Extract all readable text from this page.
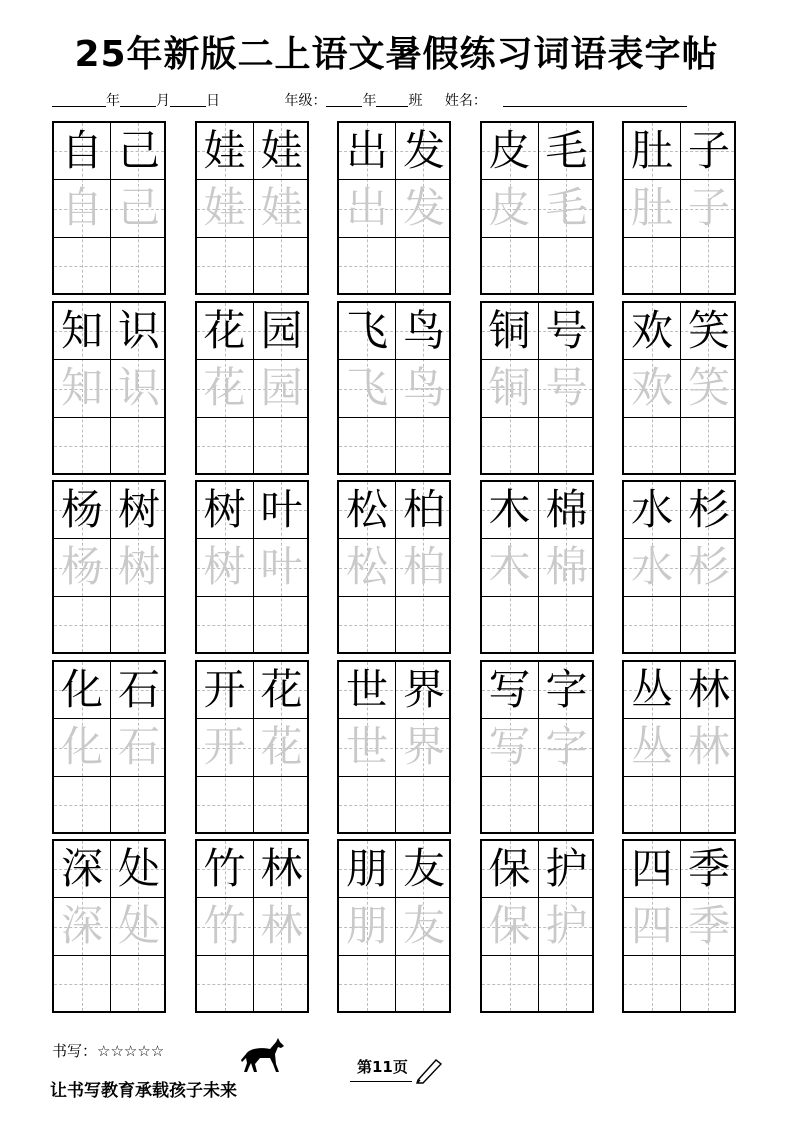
25年新版二上语文暑假练习词语表字帖
年	月	日	年级：	年 班 姓名：
自
自
己
己
娃
娃
娃
娃
出
出
发
发
皮
皮
毛
毛
肚
肚
子
子
知
知
识
识
花
花
园
园
飞
飞
鸟
鸟
铜
铜
号
号
欢
欢
笑
笑
杨
杨
树
树
树
树
叶
叶
松
松
柏
柏
木
木
棉
棉
水
水
杉
杉
化
化
石
石
开
开
花
花
世
世
界
界
写
写
字
字
丛
丛
林
林
深
深
处
处
竹
竹
林
林
朋
朋
友
友
保
保
护
护
四
四
季
季
书写：☆☆☆☆☆
第11页
让书写教育承载孩子未来
